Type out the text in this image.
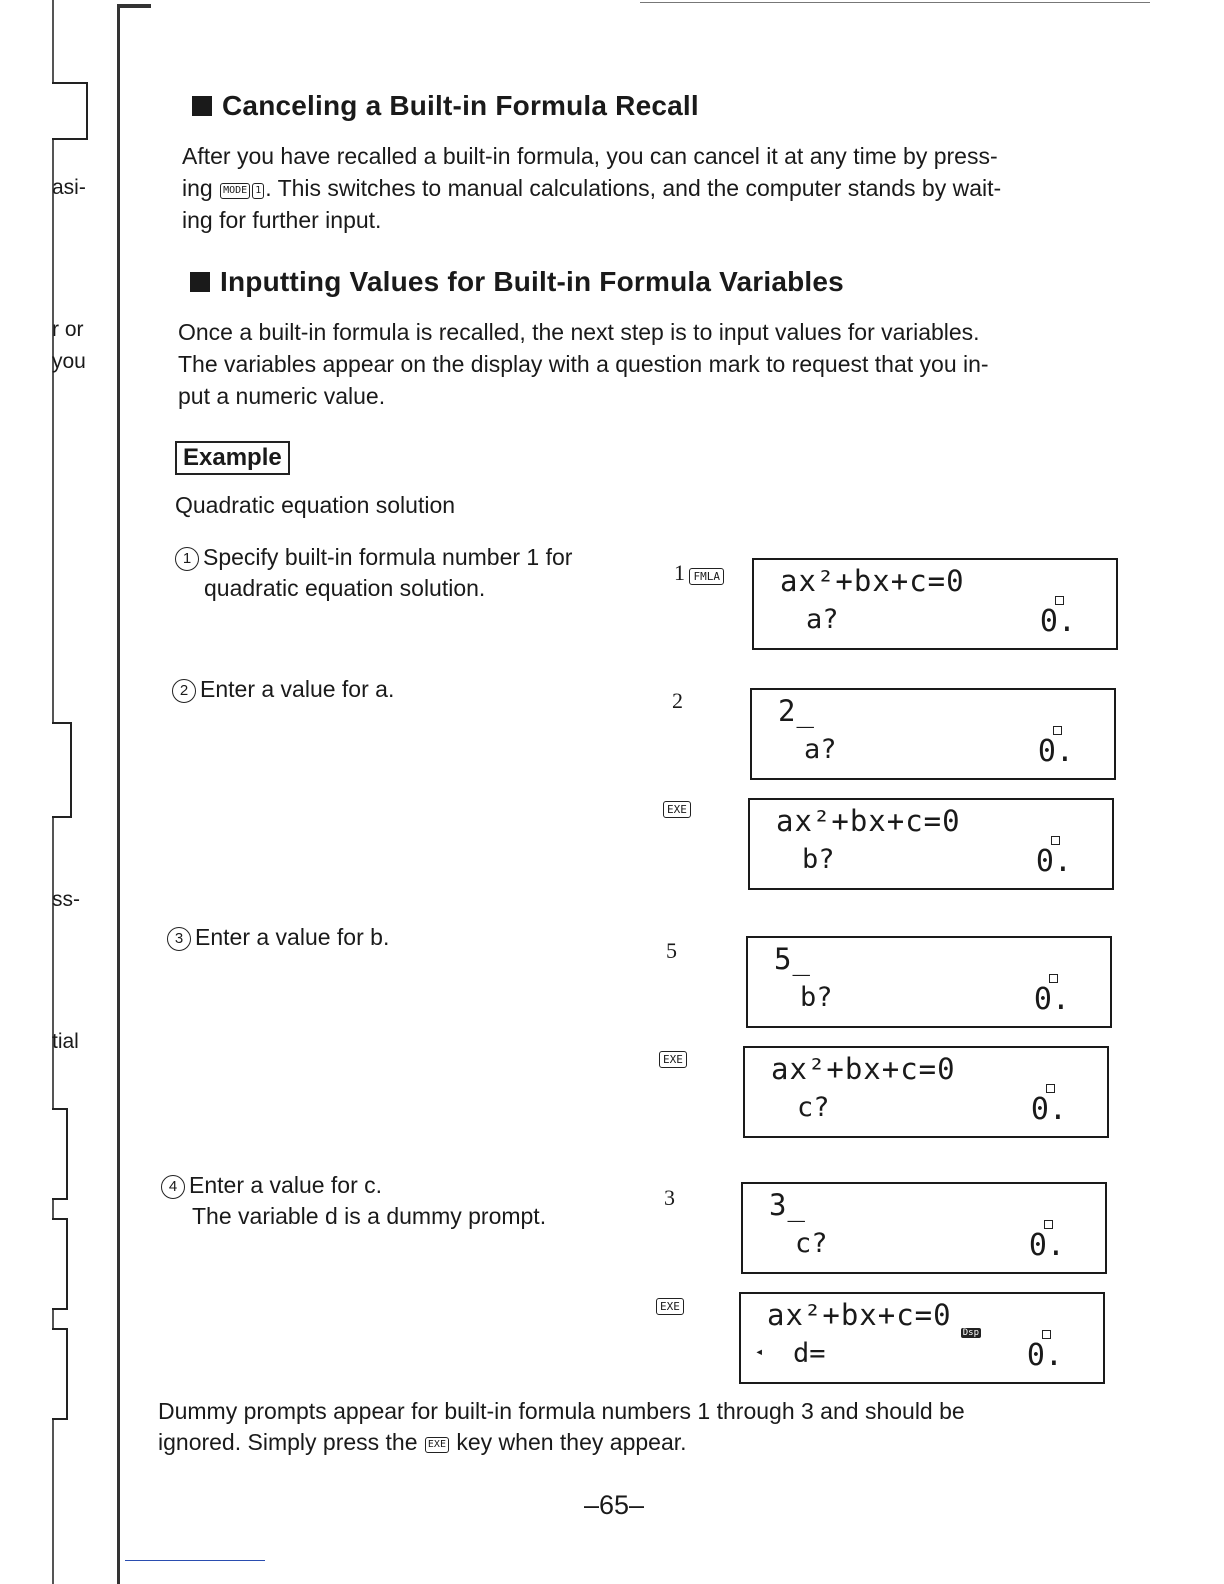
asi-
r or
you
ss-
tial
Canceling a Built-in Formula Recall

After you have recalled a built-in formula, you can cancel it at any time by press-

ing MODE 1 . This switches to manual calculations, and the computer stands by wait-

ing for further input.

Inputting Values for Built-in Formula Variables

Once a built-in formula is recalled, the next step is to input values for variables.

The variables appear on the display with a question mark to request that you in-

put a numeric value.

Example
Quadratic equation solution
1 Specify built-in formula number 1 for
quadratic equation solution.
2 Enter a value for a.
3 Enter a value for b.
4 Enter a value for c.
The variable d is a dummy prompt.
1 FMLA
2
EXE
5
EXE
3
EXE
ax²+bx+c=0
a?	0.
2_
a?	0.
ax²+bx+c=0
b?	0.
5_
b?	0.
ax²+bx+c=0
c?	0.
3_
c?	0.
ax²+bx+c=0
◂ d=
Dsp
0.
Dummy prompts appear for built-in formula numbers 1 through 3 and should be
ignored. Simply press the EXE key when they appear.
–65–
